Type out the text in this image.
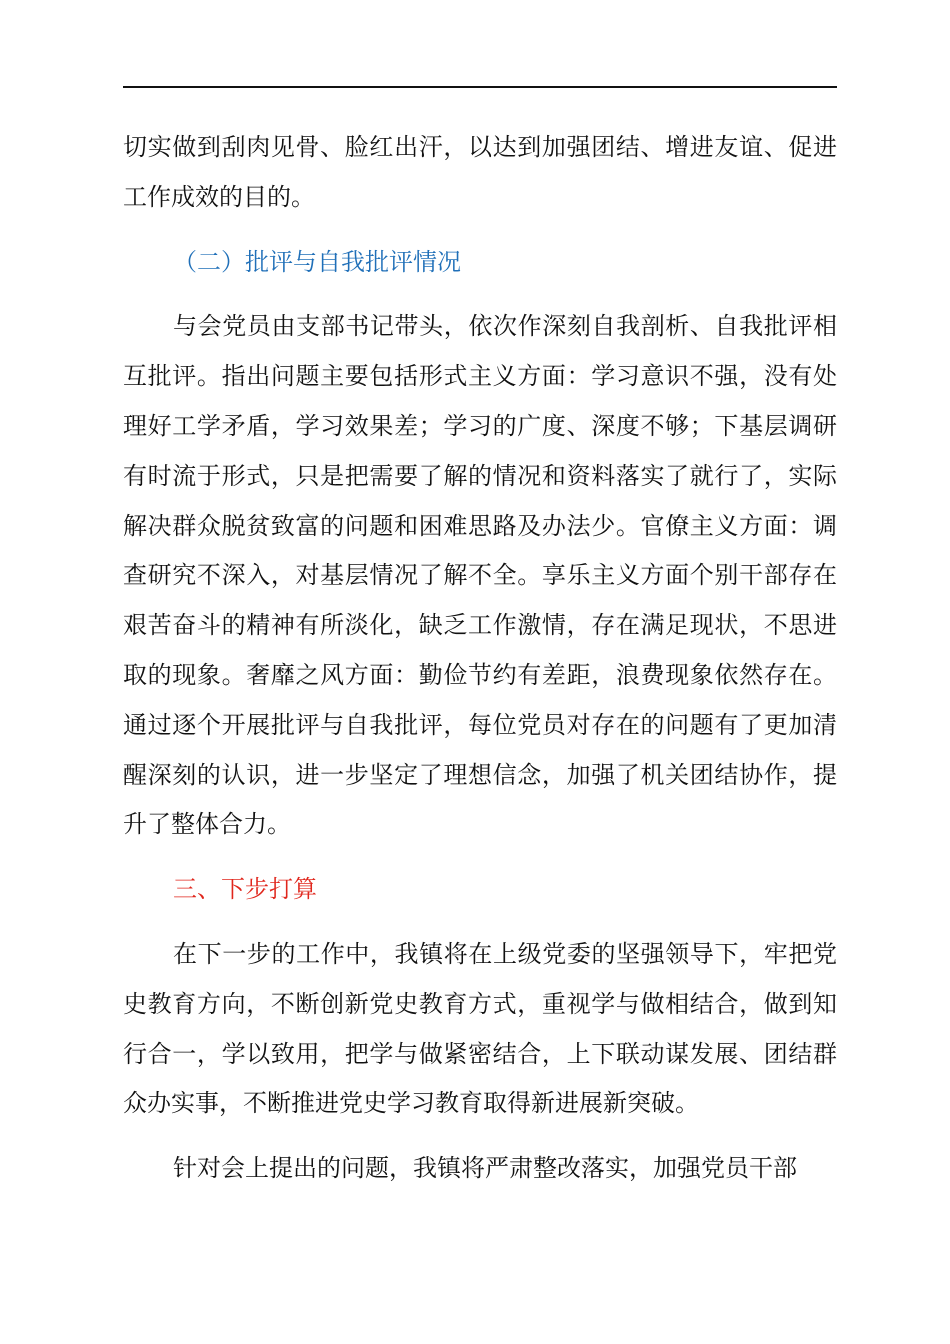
切实做到刮肉见骨、脸红出汗，以达到加强团结、增进友谊、促进工作成效的目的。

（二）批评与自我批评情况

与会党员由支部书记带头，依次作深刻自我剖析、自我批评相互批评。指出问题主要包括形式主义方面：学习意识不强，没有处理好工学矛盾，学习效果差；学习的广度、深度不够；下基层调研有时流于形式，只是把需要了解的情况和资料落实了就行了，实际解决群众脱贫致富的问题和困难思路及办法少。官僚主义方面：调查研究不深入，对基层情况了解不全。享乐主义方面个别干部存在艰苦奋斗的精神有所淡化，缺乏工作激情，存在满足现状，不思进取的现象。奢靡之风方面：勤俭节约有差距，浪费现象依然存在。通过逐个开展批评与自我批评，每位党员对存在的问题有了更加清醒深刻的认识，进一步坚定了理想信念，加强了机关团结协作，提升了整体合力。

三、下步打算

在下一步的工作中，我镇将在上级党委的坚强领导下，牢把党史教育方向，不断创新党史教育方式，重视学与做相结合，做到知行合一，学以致用，把学与做紧密结合，上下联动谋发展、团结群众办实事，不断推进党史学习教育取得新进展新突破。

针对会上提出的问题，我镇将严肃整改落实，加强党员干部
